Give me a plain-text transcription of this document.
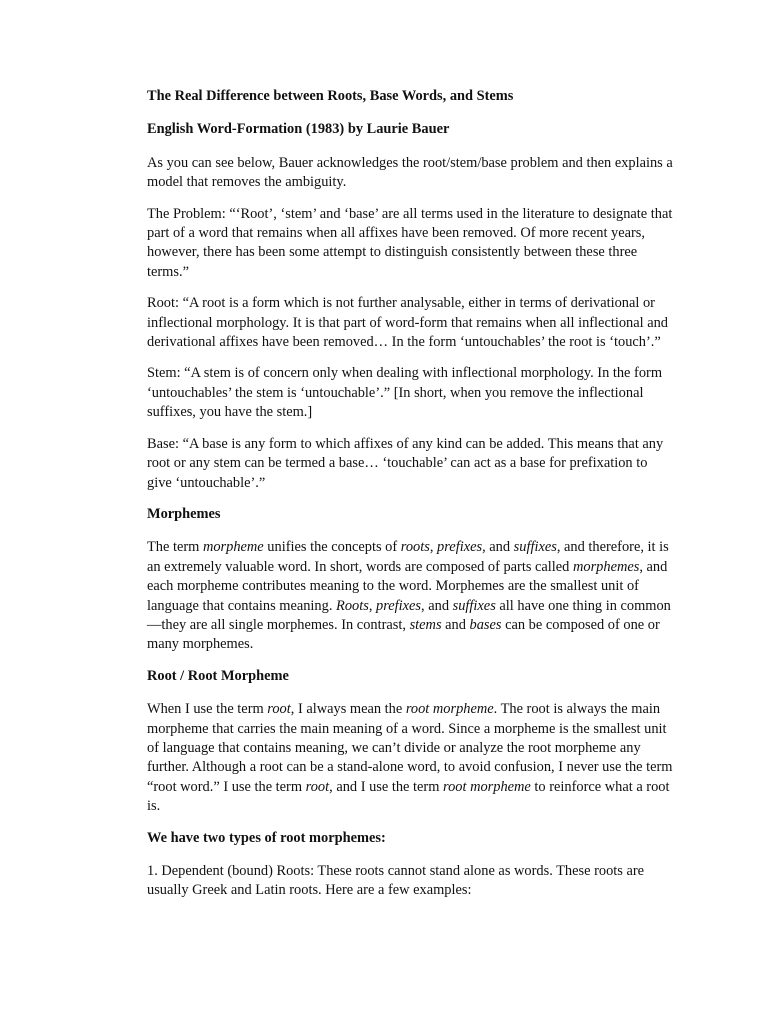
The Real Difference between Roots, Base Words, and Stems

English Word-Formation (1983) by Laurie Bauer

As you can see below, Bauer acknowledges the root/stem/base problem and then explains a model that removes the ambiguity.

The Problem: “‘Root’, ‘stem’ and ‘base’ are all terms used in the literature to designate that part of a word that remains when all affixes have been removed. Of more recent years, however, there has been some attempt to distinguish consistently between these three terms.”

Root: “A root is a form which is not further analysable, either in terms of derivational or inflectional morphology. It is that part of word-form that remains when all inflectional and derivational affixes have been removed… In the form ‘untouchables’ the root is ‘touch’.”

Stem: “A stem is of concern only when dealing with inflectional morphology. In the form ‘untouchables’ the stem is ‘untouchable’.” [In short, when you remove the inflectional suffixes, you have the stem.]

Base: “A base is any form to which affixes of any kind can be added. This means that any root or any stem can be termed a base… ‘touchable’ can act as a base for prefixation to give ‘untouchable’.”

Morphemes

The term morpheme unifies the concepts of roots, prefixes, and suffixes, and therefore, it is an extremely valuable word. In short, words are composed of parts called morphemes, and each morpheme contributes meaning to the word. Morphemes are the smallest unit of language that contains meaning. Roots, prefixes, and suffixes all have one thing in common—they are all single morphemes. In contrast, stems and bases can be composed of one or many morphemes.

Root / Root Morpheme

When I use the term root, I always mean the root morpheme. The root is always the main morpheme that carries the main meaning of a word. Since a morpheme is the smallest unit of language that contains meaning, we can’t divide or analyze the root morpheme any further. Although a root can be a stand-alone word, to avoid confusion, I never use the term “root word.” I use the term root, and I use the term root morpheme to reinforce what a root is.

We have two types of root morphemes:

1. Dependent (bound) Roots: These roots cannot stand alone as words. These roots are usually Greek and Latin roots. Here are a few examples:
